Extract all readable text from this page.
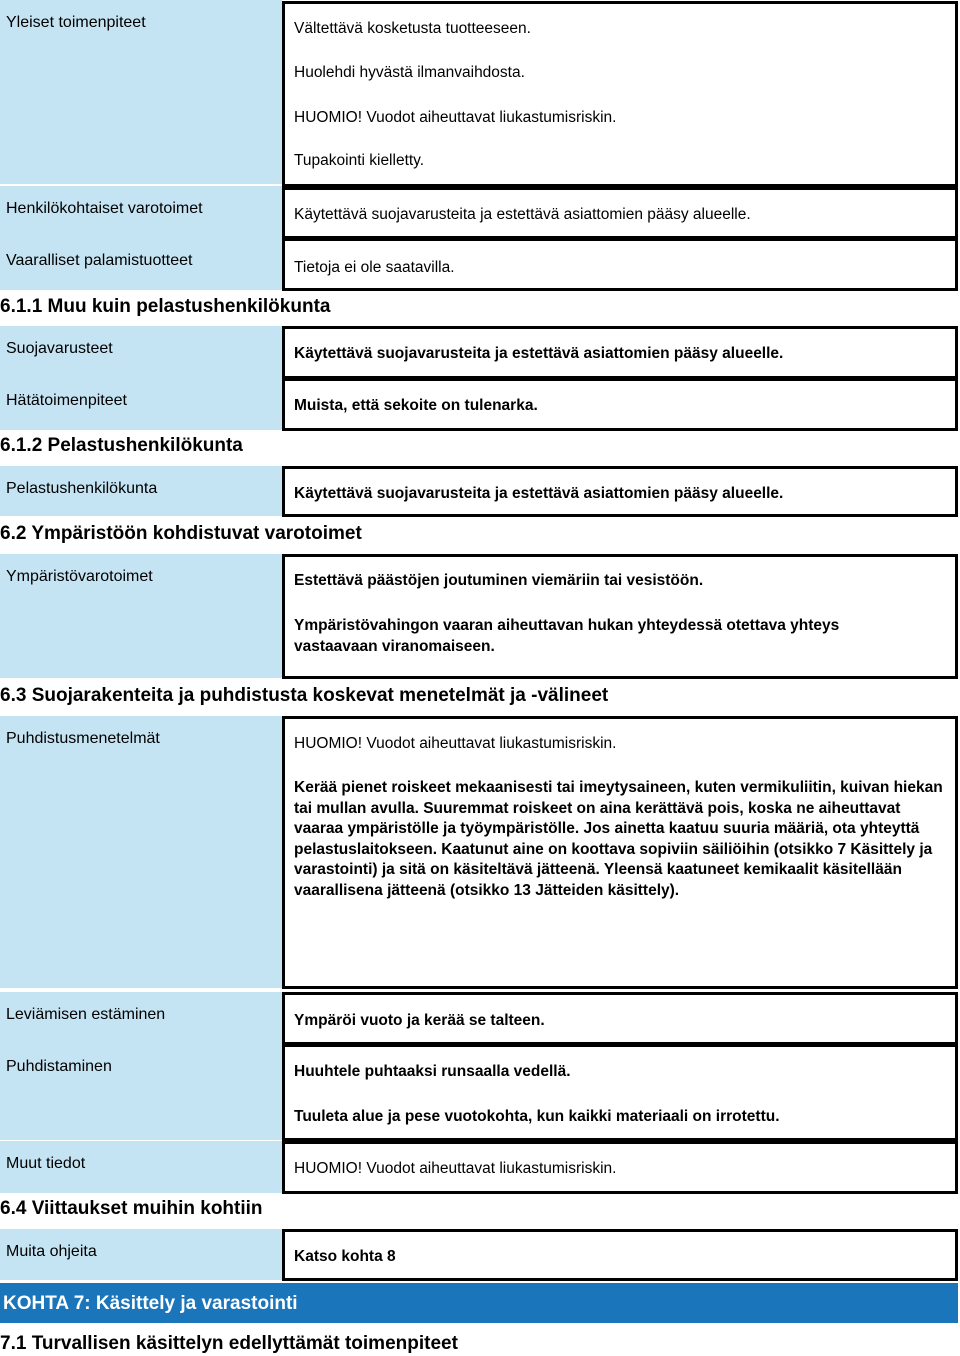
Yleiset toimenpiteet	Vältettävä kosketusta tuotteeseen.
Huolehdi hyvästä ilmanvaihdosta.
HUOMIO! Vuodot aiheuttavat liukastumisriskin.
Tupakointi kielletty.
Henkilökohtaiset varotoimet	Käytettävä suojavarusteita ja estettävä asiattomien pääsy alueelle.
Vaaralliset palamistuotteet	Tietoja ei ole saatavilla.
6.1.1 Muu kuin pelastushenkilökunta
Suojavarusteet	Käytettävä suojavarusteita ja estettävä asiattomien pääsy alueelle.
Hätätoimenpiteet	Muista, että sekoite on tulenarka.
6.1.2 Pelastushenkilökunta
Pelastushenkilökunta	Käytettävä suojavarusteita ja estettävä asiattomien pääsy alueelle.
6.2 Ympäristöön kohdistuvat varotoimet
Ympäristövarotoimet	Estettävä päästöjen joutuminen viemäriin tai vesistöön.
Ympäristövahingon vaaran aiheuttavan hukan yhteydessä otettava yhteys vastaavaan viranomaiseen.
6.3 Suojarakenteita ja puhdistusta koskevat menetelmät ja -välineet
Puhdistusmenetelmät	HUOMIO! Vuodot aiheuttavat liukastumisriskin.
Kerää pienet roiskeet mekaanisesti tai imeytysaineen, kuten vermikuliitin, kuivan hiekan tai mullan avulla. Suuremmat roiskeet on aina kerättävä pois, koska ne aiheuttavat vaaraa ympäristölle ja työympäristölle. Jos ainetta kaatuu suuria määriä, ota yhteyttä pelastuslaitokseen. Kaatunut aine on koottava sopiviin säiliöihin (otsikko 7 Käsittely ja varastointi) ja sitä on käsiteltävä jätteenä. Yleensä kaatuneet kemikaalit käsitellään vaarallisena jätteenä (otsikko 13 Jätteiden käsittely).
Leviämisen estäminen	Ympäröi vuoto ja kerää se talteen.
Puhdistaminen	Huuhtele puhtaaksi runsaalla vedellä.
Tuuleta alue ja pese vuotokohta, kun kaikki materiaali on irrotettu.
Muut tiedot	HUOMIO! Vuodot aiheuttavat liukastumisriskin.
6.4 Viittaukset muihin kohtiin
Muita ohjeita	Katso kohta 8
KOHTA 7: Käsittely ja varastointi
7.1 Turvallisen käsittelyn edellyttämät toimenpiteet
